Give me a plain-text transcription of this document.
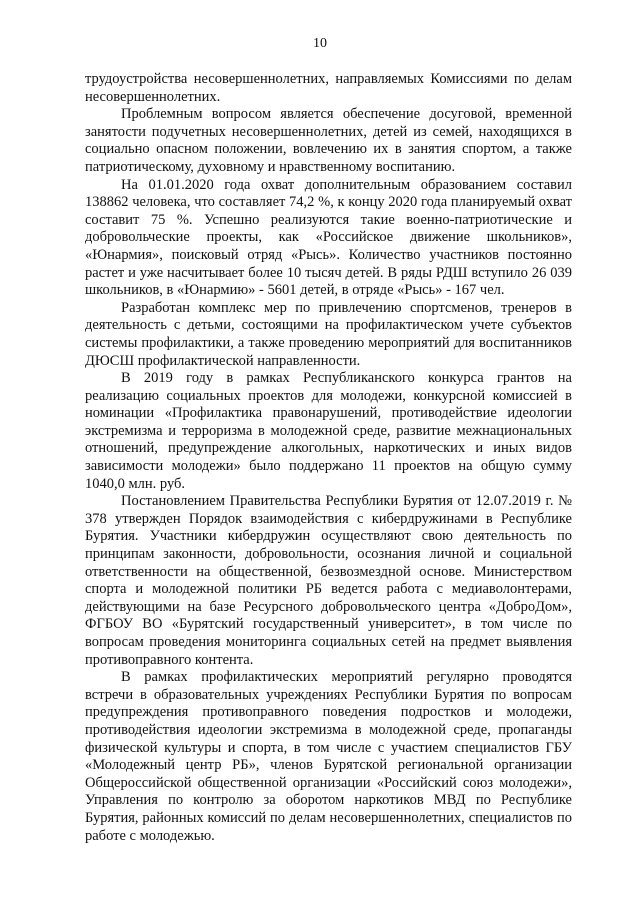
10

трудоустройства несовершеннолетних, направляемых Комиссиями по делам несовершеннолетних.

Проблемным вопросом является обеспечение досуговой, временной занятости подучетных несовершеннолетних, детей из семей, находящихся в социально опасном положении, вовлечению их в занятия спортом, а также патриотическому, духовному и нравственному воспитанию.

На 01.01.2020 года охват дополнительным образованием составил 138862 человека, что составляет 74,2 %, к концу 2020 года планируемый охват составит 75 %. Успешно реализуются такие военно-патриотические и добровольческие проекты, как «Российское движение школьников», «Юнармия», поисковый отряд «Рысь». Количество участников постоянно растет и уже насчитывает более 10 тысяч детей. В ряды РДШ вступило 26 039 школьников, в «Юнармию» - 5601 детей, в отряде «Рысь» - 167 чел.

Разработан комплекс мер по привлечению спортсменов, тренеров в деятельность с детьми, состоящими на профилактическом учете субъектов системы профилактики, а также проведению мероприятий для воспитанников ДЮСШ профилактической направленности.

В 2019 году в рамках Республиканского конкурса грантов на реализацию социальных проектов для молодежи, конкурсной комиссией в номинации «Профилактика правонарушений, противодействие идеологии экстремизма и терроризма в молодежной среде, развитие межнациональных отношений, предупреждение алкогольных, наркотических и иных видов зависимости молодежи» было поддержано 11 проектов на общую сумму 1040,0 млн. руб.

Постановлением Правительства Республики Бурятия от 12.07.2019 г. № 378 утвержден Порядок взаимодействия с кибердружинами в Республике Бурятия. Участники кибердружин осуществляют свою деятельность по принципам законности, добровольности, осознания личной и социальной ответственности на общественной, безвозмездной основе. Министерством спорта и молодежной политики РБ ведется работа с медиаволонтерами, действующими на базе Ресурсного добровольческого центра «ДоброДом», ФГБОУ ВО «Бурятский государственный университет», в том числе по вопросам проведения мониторинга социальных сетей на предмет выявления противоправного контента.

В рамках профилактических мероприятий регулярно проводятся встречи в образовательных учреждениях Республики Бурятия по вопросам предупреждения противоправного поведения подростков и молодежи, противодействия идеологии экстремизма в молодежной среде, пропаганды физической культуры и спорта, в том числе с участием специалистов ГБУ «Молодежный центр РБ», членов Бурятской региональной организации Общероссийской общественной организации «Российский союз молодежи», Управления по контролю за оборотом наркотиков МВД по Республике Бурятия, районных комиссий по делам несовершеннолетних, специалистов по работе с молодежью.
